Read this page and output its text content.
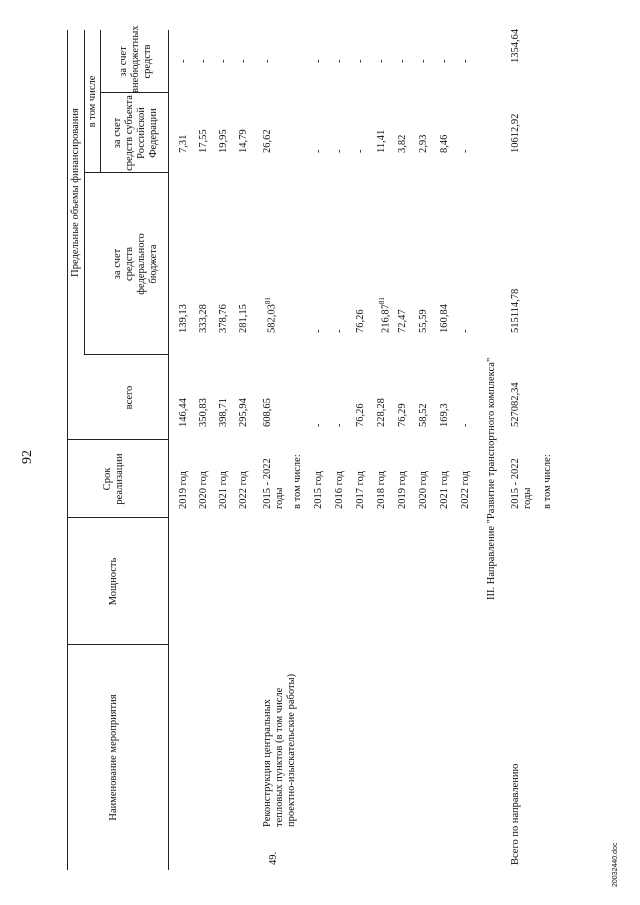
92
Наименование мероприятия
Мощность
Срок реализации
Предельные объемы финансирования
всего
в том числе
за счет средств федерального бюджета
за счет средств субъекта Российской Федерации
за счет внебюджетных средств
2019 год
146,44
139,13
7,31
-
2020 год
350,83
333,28
17,55
-
2021 год
398,71
378,76
19,95
-
2022 год
295,94
281,15
14,79
-
49.
Реконструкция центральных тепловых пунктов (в том числе проектно-изыскательские работы)
2015 - 2022 годы
608,65
582,03$^{81}$
26,62
-
в том числе: 2015 год
-
-
-
-
2016 год
-
-
-
-
2017 год
76,26
76,26
-
-
2018 год
228,28
216,87$^{81}$
11,41
-
2019 год
76,29
72,47
3,82
-
2020 год
58,52
55,59
2,93
-
2021 год
169,3
160,84
8,46
-
2022 год
-
-
-
-
III. Направление "Развитие транспортного комплекса"
Всего по направлению
2015 - 2022 годы
527082,34
515114,78
10612,92
1354,64
в том числе:
20032440.doc
